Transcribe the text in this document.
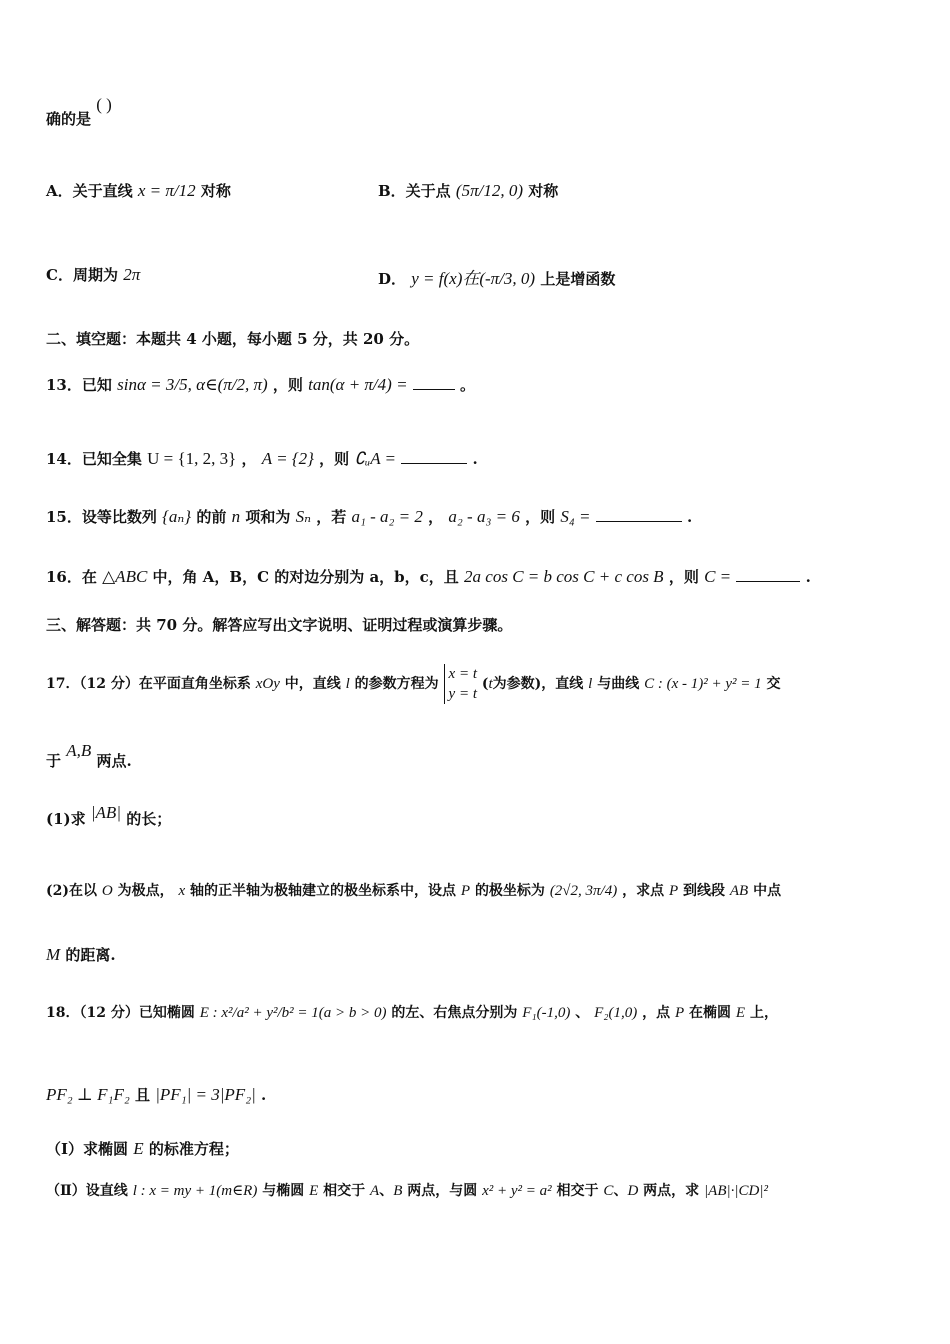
确的是 ( )
A．关于直线 x = π/12 对称	B．关于点 (5π/12, 0) 对称
C．周期为 2π	D． y = f(x)在(-π/3, 0) 上是增函数
二、填空题：本题共 4 小题，每小题 5 分，共 20 分。
13．已知 sinα = 3/5, α∈(π/2, π) ，则 tan(α + π/4) =	。
14．已知全集 U = {1, 2, 3} ， A = {2} ，则 ∁ᵤA =	.
15．设等比数列 {aₙ} 的前 n 项和为 Sₙ ，若 a₁ - a₂ = 2 ， a₂ - a₃ = 6 ，则 S₄ =	.
16．在 △ABC 中，角 A，B，C 的对边分别为 a，b，c，且 2a cos C = b cos C + c cos B ，则 C =	.
三、解答题：共 70 分。解答应写出文字说明、证明过程或演算步骤。
17．（12 分）在平面直角坐标系 xOy 中，直线 l 的参数方程为
x = t
y = t
(t为参数)，直线 l 与曲线 C : (x - 1)² + y² = 1 交
于 A,B 两点.
(1)求 |AB| 的长；
(2)在以 O 为极点， x 轴的正半轴为极轴建立的极坐标系中，设点 P 的极坐标为 (2√2, 3π/4) ，求点 P 到线段 AB 中点
M 的距离.
18．（12 分）已知椭圆 E : x²/a² + y²/b² = 1(a > b > 0) 的左、右焦点分别为 F₁(-1,0) 、 F₂(1,0) ，点 P 在椭圆 E 上，
PF₂ ⊥ F₁F₂ 且 |PF₁| = 3|PF₂| .
（Ⅰ）求椭圆 E 的标准方程；
（Ⅱ）设直线 l : x = my + 1(m∈R) 与椭圆 E 相交于 A、B 两点，与圆 x² + y² = a² 相交于 C、D 两点，求 |AB|·|CD|²
